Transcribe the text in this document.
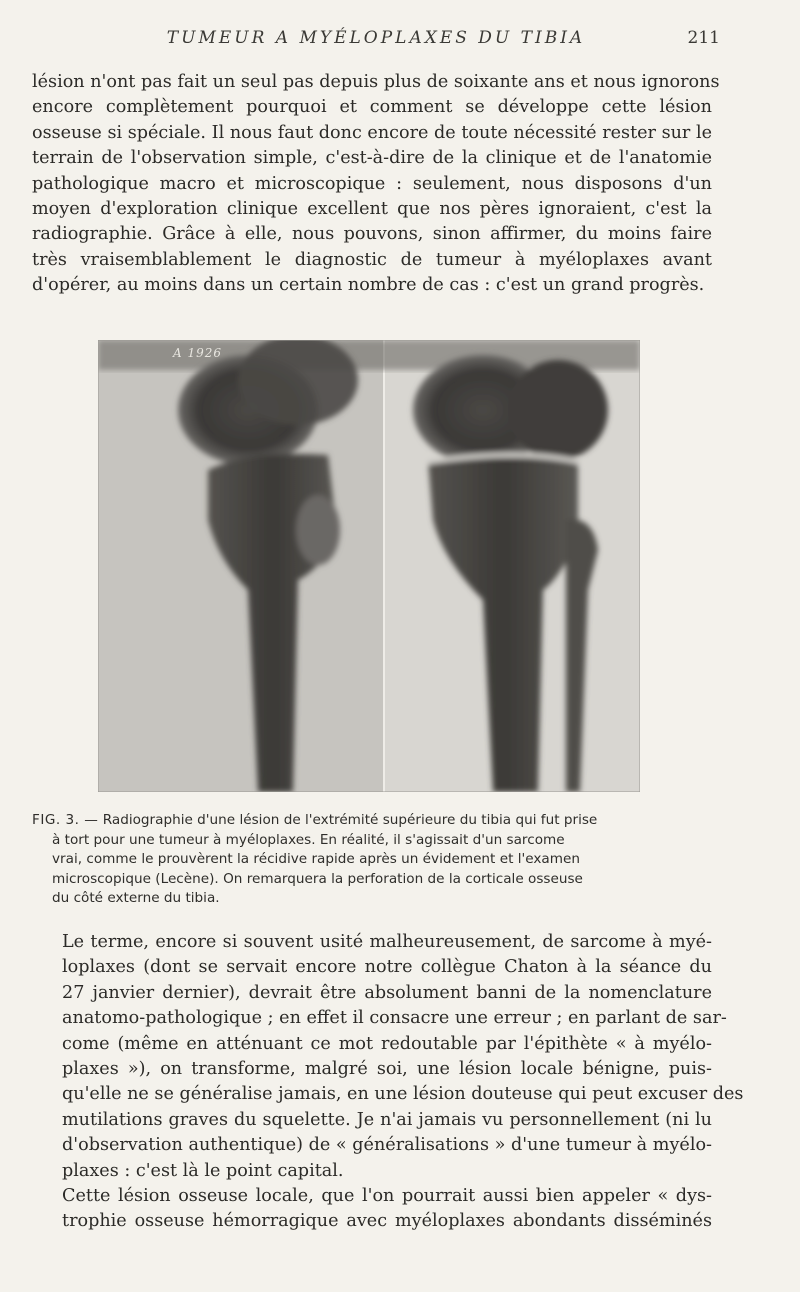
TUMEUR A MYÉLOPLAXES DU TIBIA	211

lésion n'ont pas fait un seul pas depuis plus de soixante ans et nous ignorons
encore complètement pourquoi et comment se développe cette lésion
osseuse si spéciale. Il nous faut donc encore de toute nécessité rester sur le
terrain de l'observation simple, c'est-à-dire de la clinique et de l'anatomie
pathologique macro et microscopique : seulement, nous disposons d'un
moyen d'exploration clinique excellent que nos pères ignoraient, c'est la
radiographie. Grâce à elle, nous pouvons, sinon affirmer, du moins faire
très vraisemblablement le diagnostic de tumeur à myéloplaxes avant
d'opérer, au moins dans un certain nombre de cas : c'est un grand progrès.

A 1926
FIG. 3. — Radiographie d'une lésion de l'extrémité supérieure du tibia qui fut prise
à tort pour une tumeur à myéloplaxes. En réalité, il s'agissait d'un sarcome
vrai, comme le prouvèrent la récidive rapide après un évidement et l'examen
microscopique (Lecène). On remarquera la perforation de la corticale osseuse
du côté externe du tibia.

Le terme, encore si souvent usité malheureusement, de sarcome à myé-
loplaxes (dont se servait encore notre collègue Chaton à la séance du
27 janvier dernier), devrait être absolument banni de la nomenclature
anatomo-pathologique ; en effet il consacre une erreur ; en parlant de sar-
come (même en atténuant ce mot redoutable par l'épithète « à myélo-
plaxes »), on transforme, malgré soi, une lésion locale bénigne, puis-
qu'elle ne se généralise jamais, en une lésion douteuse qui peut excuser des
mutilations graves du squelette. Je n'ai jamais vu personnellement (ni lu
d'observation authentique) de « généralisations » d'une tumeur à myélo-
plaxes : c'est là le point capital.

Cette lésion osseuse locale, que l'on pourrait aussi bien appeler « dys-
trophie osseuse hémorragique avec myéloplaxes abondants disséminés
